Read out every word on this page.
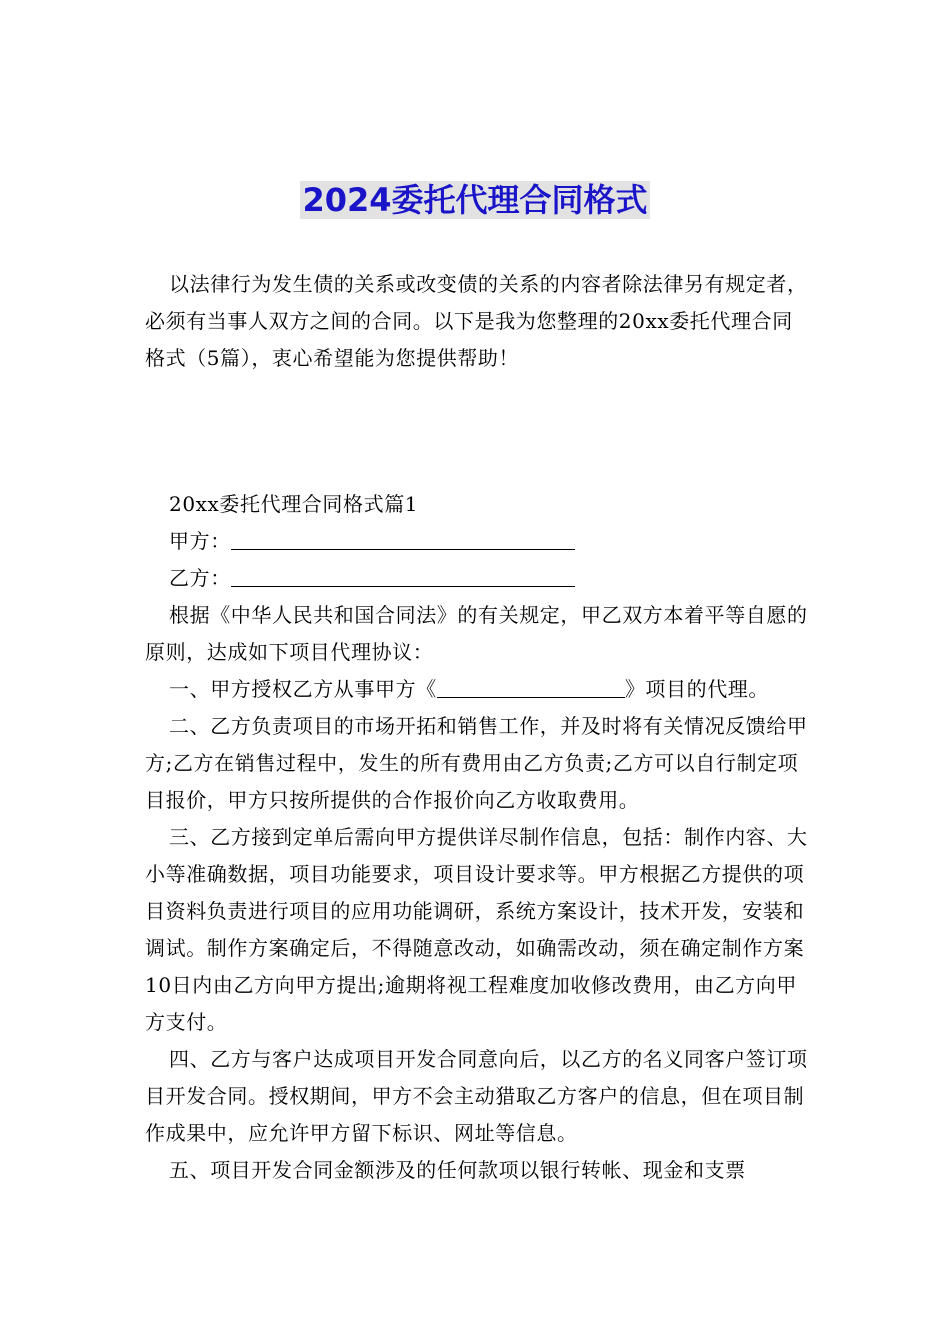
2024委托代理合同格式

以法律行为发生债的关系或改变债的关系的内容者除法律另有规定者，必须有当事人双方之间的合同。以下是我为您整理的20xx委托代理合同格式（5篇），衷心希望能为您提供帮助！

20xx委托代理合同格式篇1

甲方：

乙方：

根据《中华人民共和国合同法》的有关规定，甲乙双方本着平等自愿的原则，达成如下项目代理协议：

一、甲方授权乙方从事甲方《	》项目的代理。

二、乙方负责项目的市场开拓和销售工作，并及时将有关情况反馈给甲方;乙方在销售过程中，发生的所有费用由乙方负责;乙方可以自行制定项目报价，甲方只按所提供的合作报价向乙方收取费用。

三、乙方接到定单后需向甲方提供详尽制作信息，包括：制作内容、大小等准确数据，项目功能要求，项目设计要求等。甲方根据乙方提供的项目资料负责进行项目的应用功能调研，系统方案设计，技术开发，安装和调试。制作方案确定后，不得随意改动，如确需改动，须在确定制作方案10日内由乙方向甲方提出;逾期将视工程难度加收修改费用，由乙方向甲方支付。

四、乙方与客户达成项目开发合同意向后，以乙方的名义同客户签订项目开发合同。授权期间，甲方不会主动猎取乙方客户的信息，但在项目制作成果中，应允许甲方留下标识、网址等信息。

五、项目开发合同金额涉及的任何款项以银行转帐、现金和支票
